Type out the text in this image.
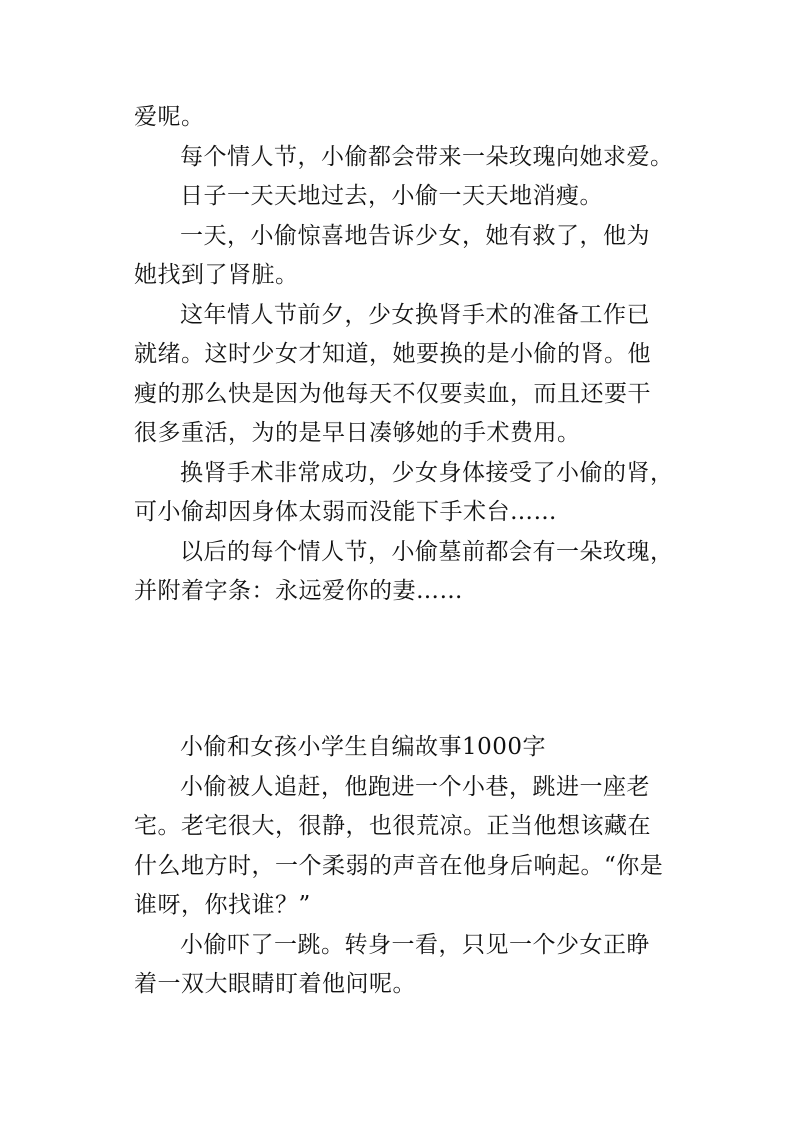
爱呢。

每个情人节，小偷都会带来一朵玫瑰向她求爱。

日子一天天地过去，小偷一天天地消瘦。

一天，小偷惊喜地告诉少女，她有救了，他为

她找到了肾脏。

这年情人节前夕，少女换肾手术的准备工作已

就绪。这时少女才知道，她要换的是小偷的肾。他

瘦的那么快是因为他每天不仅要卖血，而且还要干

很多重活，为的是早日凑够她的手术费用。

换肾手术非常成功，少女身体接受了小偷的肾，

可小偷却因身体太弱而没能下手术台……

以后的每个情人节，小偷墓前都会有一朵玫瑰，

并附着字条：永远爱你的妻……

小偷和女孩小学生自编故事1000字

小偷被人追赶，他跑进一个小巷，跳进一座老

宅。老宅很大，很静，也很荒凉。正当他想该藏在

什么地方时，一个柔弱的声音在他身后响起。“你是

谁呀，你找谁？”

小偷吓了一跳。转身一看，只见一个少女正睁

着一双大眼睛盯着他问呢。
